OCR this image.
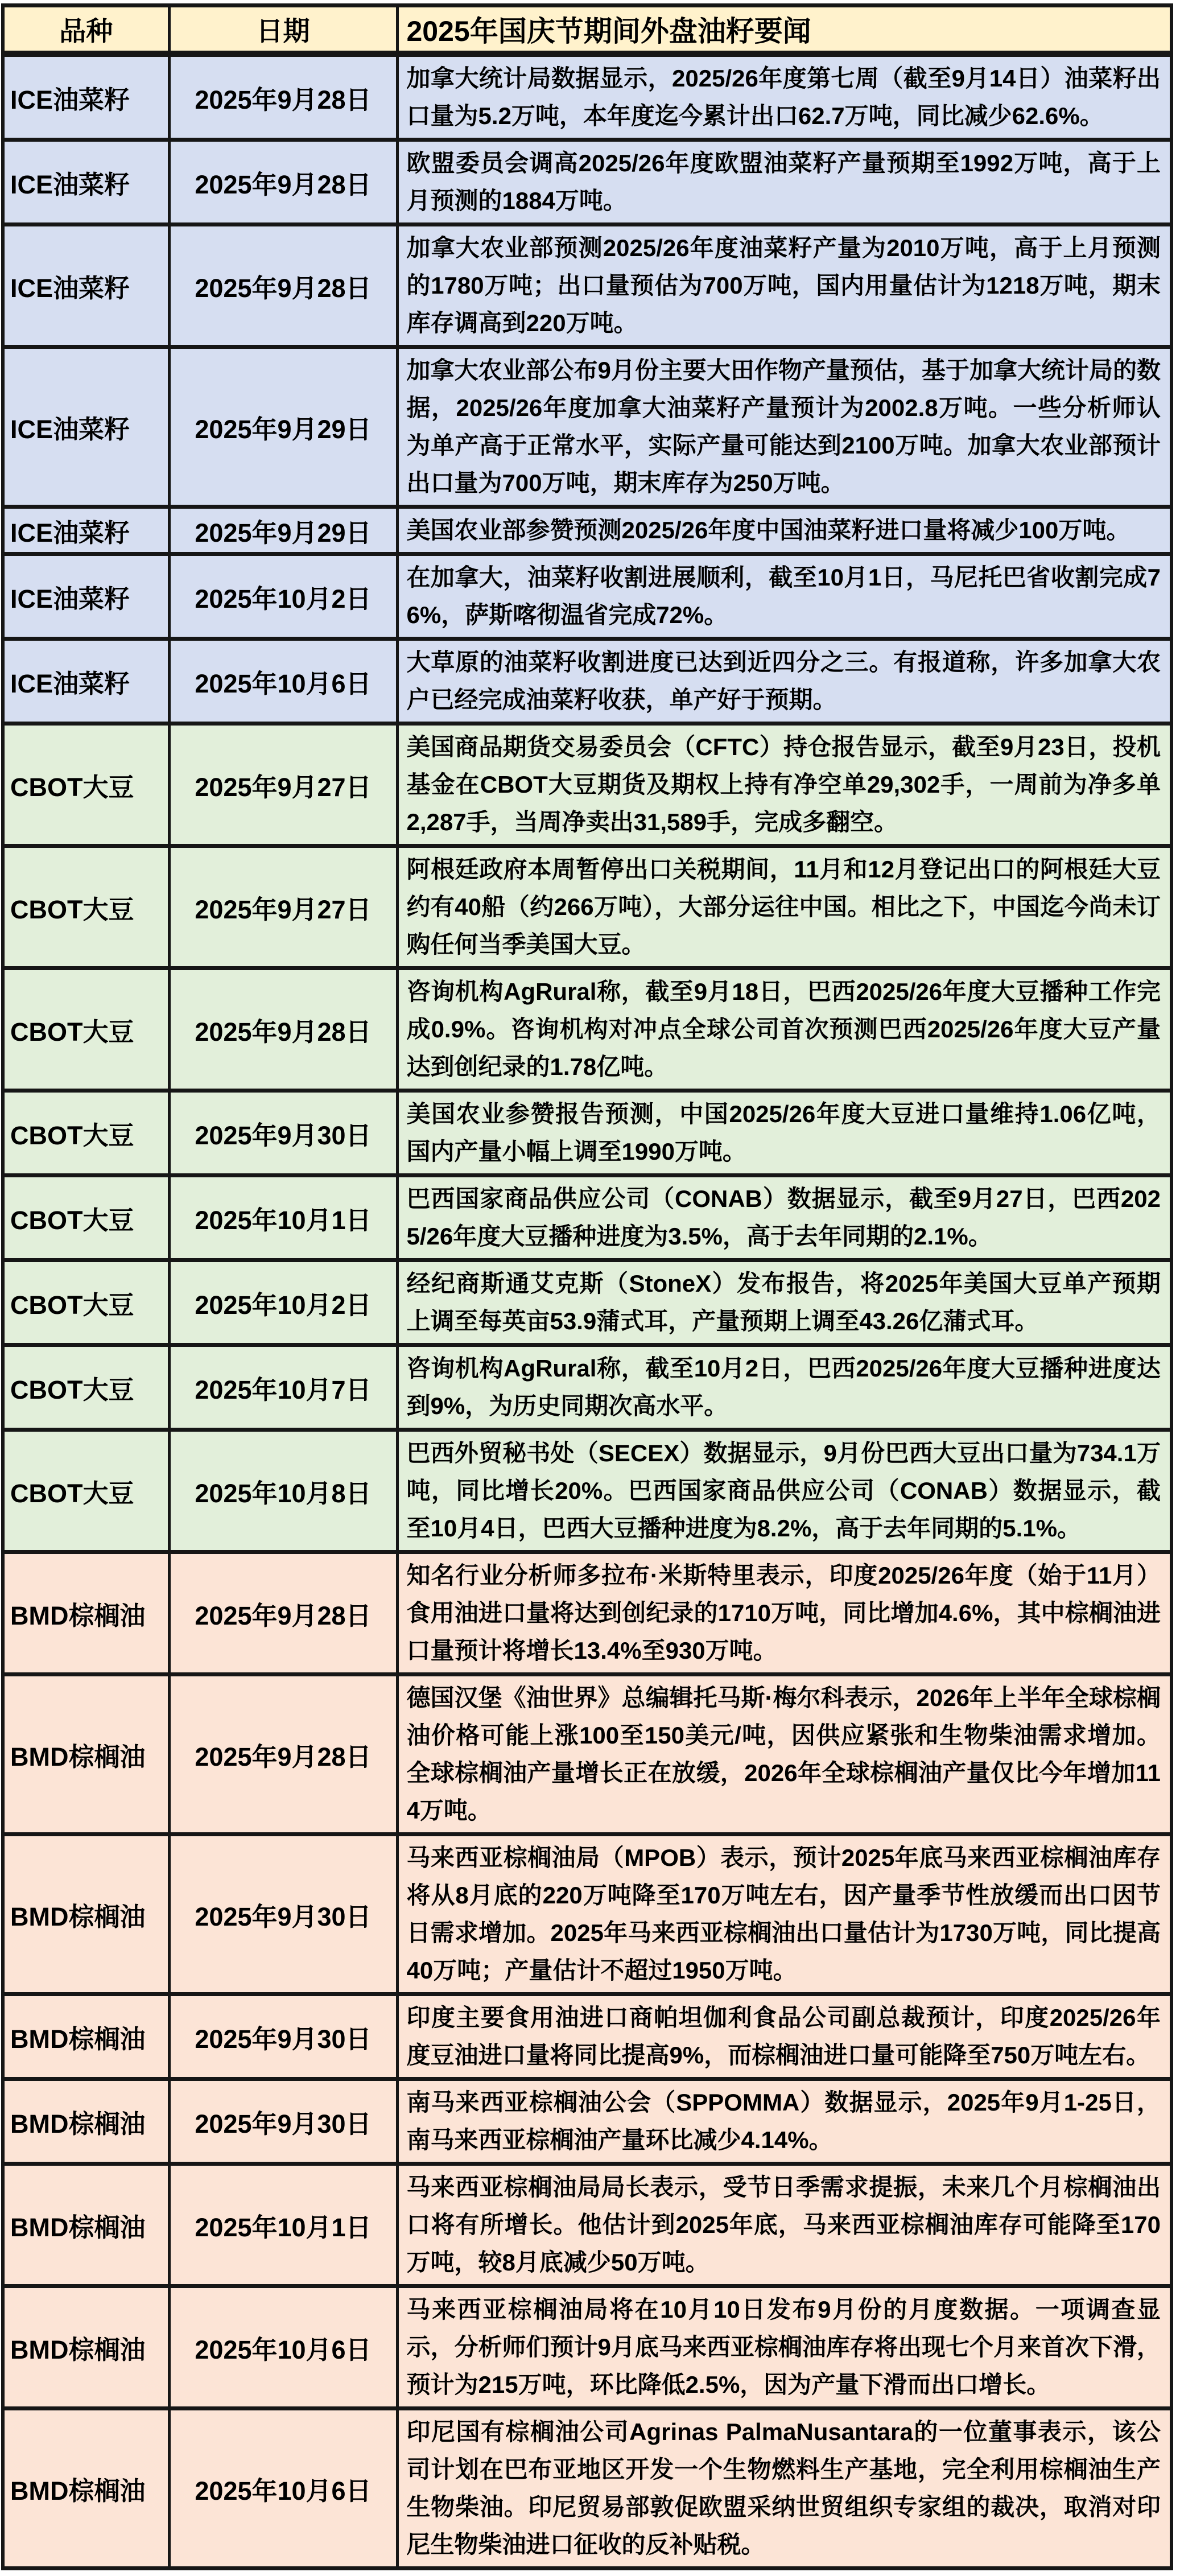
品种	日期	2025年国庆节期间外盘油籽要闻
ICE油菜籽	2025年9月28日	加拿大统计局数据显示，2025/26年度第七周（截至9月14日）油菜籽出口量为5.2万吨，本年度迄今累计出口62.7万吨，同比减少62.6%。
ICE油菜籽	2025年9月28日	欧盟委员会调高2025/26年度欧盟油菜籽产量预期至1992万吨，高于上月预测的1884万吨。
ICE油菜籽	2025年9月28日	加拿大农业部预测2025/26年度油菜籽产量为2010万吨，高于上月预测的1780万吨；出口量预估为700万吨，国内用量估计为1218万吨，期末库存调高到220万吨。
ICE油菜籽	2025年9月29日	加拿大农业部公布9月份主要大田作物产量预估，基于加拿大统计局的数据，2025/26年度加拿大油菜籽产量预计为2002.8万吨。一些分析师认为单产高于正常水平，实际产量可能达到2100万吨。加拿大农业部预计出口量为700万吨，期末库存为250万吨。
ICE油菜籽	2025年9月29日	美国农业部参赞预测2025/26年度中国油菜籽进口量将减少100万吨。
ICE油菜籽	2025年10月2日	在加拿大，油菜籽收割进展顺利，截至10月1日，马尼托巴省收割完成76%，萨斯喀彻温省完成72%。
ICE油菜籽	2025年10月6日	大草原的油菜籽收割进度已达到近四分之三。有报道称，许多加拿大农户已经完成油菜籽收获，单产好于预期。
CBOT大豆	2025年9月27日	美国商品期货交易委员会（CFTC）持仓报告显示，截至9月23日，投机基金在CBOT大豆期货及期权上持有净空单29,302手，一周前为净多单2,287手，当周净卖出31,589手，完成多翻空。
CBOT大豆	2025年9月27日	阿根廷政府本周暂停出口关税期间，11月和12月登记出口的阿根廷大豆约有40船（约266万吨），大部分运往中国。相比之下，中国迄今尚未订购任何当季美国大豆。
CBOT大豆	2025年9月28日	咨询机构AgRural称，截至9月18日，巴西2025/26年度大豆播种工作完成0.9%。咨询机构对冲点全球公司首次预测巴西2025/26年度大豆产量达到创纪录的1.78亿吨。
CBOT大豆	2025年9月30日	美国农业参赞报告预测，中国2025/26年度大豆进口量维持1.06亿吨，国内产量小幅上调至1990万吨。
CBOT大豆	2025年10月1日	巴西国家商品供应公司（CONAB）数据显示，截至9月27日，巴西2025/26年度大豆播种进度为3.5%，高于去年同期的2.1%。
CBOT大豆	2025年10月2日	经纪商斯通艾克斯（StoneX）发布报告，将2025年美国大豆单产预期上调至每英亩53.9蒲式耳，产量预期上调至43.26亿蒲式耳。
CBOT大豆	2025年10月7日	咨询机构AgRural称，截至10月2日，巴西2025/26年度大豆播种进度达到9%，为历史同期次高水平。
CBOT大豆	2025年10月8日	巴西外贸秘书处（SECEX）数据显示，9月份巴西大豆出口量为734.1万吨，同比增长20%。巴西国家商品供应公司（CONAB）数据显示，截至10月4日，巴西大豆播种进度为8.2%，高于去年同期的5.1%。
BMD棕榈油	2025年9月28日	知名行业分析师多拉布·米斯特里表示，印度2025/26年度（始于11月）食用油进口量将达到创纪录的1710万吨，同比增加4.6%，其中棕榈油进口量预计将增长13.4%至930万吨。
BMD棕榈油	2025年9月28日	德国汉堡《油世界》总编辑托马斯·梅尔科表示，2026年上半年全球棕榈油价格可能上涨100至150美元/吨，因供应紧张和生物柴油需求增加。全球棕榈油产量增长正在放缓，2026年全球棕榈油产量仅比今年增加114万吨。
BMD棕榈油	2025年9月30日	马来西亚棕榈油局（MPOB）表示，预计2025年底马来西亚棕榈油库存将从8月底的220万吨降至170万吨左右，因产量季节性放缓而出口因节日需求增加。2025年马来西亚棕榈油出口量估计为1730万吨，同比提高40万吨；产量估计不超过1950万吨。
BMD棕榈油	2025年9月30日	印度主要食用油进口商帕坦伽利食品公司副总裁预计，印度2025/26年度豆油进口量将同比提高9%，而棕榈油进口量可能降至750万吨左右。
BMD棕榈油	2025年9月30日	南马来西亚棕榈油公会（SPPOMMA）数据显示，2025年9月1-25日，南马来西亚棕榈油产量环比减少4.14%。
BMD棕榈油	2025年10月1日	马来西亚棕榈油局局长表示，受节日季需求提振，未来几个月棕榈油出口将有所增长。他估计到2025年底，马来西亚棕榈油库存可能降至170万吨，较8月底减少50万吨。
BMD棕榈油	2025年10月6日	马来西亚棕榈油局将在10月10日发布9月份的月度数据。一项调查显示，分析师们预计9月底马来西亚棕榈油库存将出现七个月来首次下滑，预计为215万吨，环比降低2.5%，因为产量下滑而出口增长。
BMD棕榈油	2025年10月6日	印尼国有棕榈油公司Agrinas PalmaNusantara的一位董事表示，该公司计划在巴布亚地区开发一个生物燃料生产基地，完全利用棕榈油生产生物柴油。印尼贸易部敦促欧盟采纳世贸组织专家组的裁决，取消对印尼生物柴油进口征收的反补贴税。
